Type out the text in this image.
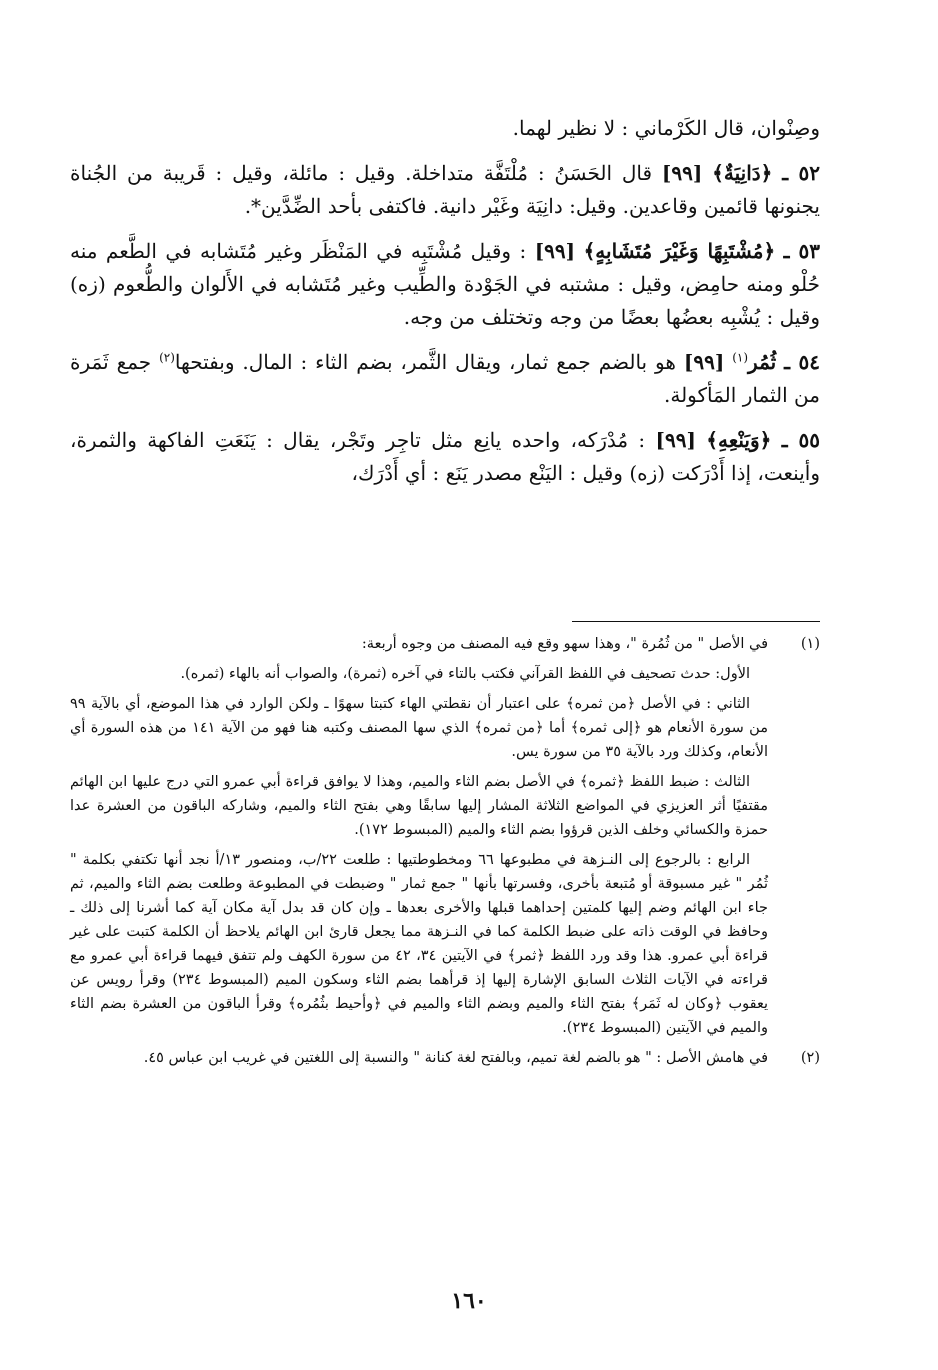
وصِنْوان، قال الكَرْماني : لا نظير لهما.

٥٢ ـ ﴿دَانِيَةٌ﴾ [٩٩] قال الحَسَنُ : مُلْتَفَّة متداخلة. وقيل : مائلة، وقيل : قَريبة من الجُناة يجنونها قائمين وقاعدين. وقيل: دانِيَة وغَيْر دانية. فاكتفى بأحد الضِّدَّين*.

٥٣ ـ ﴿مُشْتَبِهًا وَغَيْرَ مُتَشَابِهٍ﴾ [٩٩] : وقيل مُشْتَبِه في المَنْظَر وغير مُتَشابه في الطَّعم منه حُلْو ومنه حامِض، وقيل : مشتبه في الجَوْدة والطِّيب وغير مُتَشابه في الأَلوان والطُّعوم (زه) وقيل : يُشْبِه بعضُها بعضًا من وجه وتختلف من وجه.

٥٤ ـ ثُمُر$^{(١)}$ [٩٩] هو بالضم جمع ثمار، ويقال الثَّمر، بضم الثاء : المال. وبفتحها$^{(٢)}$ جمع ثَمَرة من الثمار المَأكولة.

٥٥ ـ ﴿وَيَنْعِهِ﴾ [٩٩] : مُدْرَكه، واحده يانِع مثل تاجِر وتَجْر، يقال : يَنَعَتِ الفاكهة والثمرة، وأينعت، إذا أَدْرَكت (زه) وقيل : اليَنْع مصدر يَنَع : أي أَدْرَك،

(١)

في الأصل " من ثُمُرة "، وهذا سهو وقع فيه المصنف من وجوه أربعة:

الأول: حدث تصحيف في اللفظ القرآني فكتب بالتاء في آخره (ثمرة)، والصواب أنه بالهاء (ثمره).

الثاني : في الأصل ﴿من ثمره﴾ على اعتبار أن نقطتي الهاء كتبتا سهوًا ـ ولكن الوارد في هذا الموضع، أي بالآية ٩٩ من سورة الأنعام هو ﴿إلى ثمره﴾ أما ﴿من ثمره﴾ الذي سها المصنف وكتبه هنا فهو من الآية ١٤١ من هذه السورة أي الأنعام، وكذلك ورد بالآية ٣٥ من سورة يس.

الثالث : ضبط اللفظ ﴿ثمره﴾ في الأصل بضم الثاء والميم، وهذا لا يوافق قراءة أبي عمرو التي درج عليها ابن الهائم مقتفيًا أثر العزيزي في المواضع الثلاثة المشار إليها سابقًا وهي بفتح الثاء والميم، وشاركه الباقون من العشرة عدا حمزة والكسائي وخلف الذين قرؤوا بضم الثاء والميم (المبسوط ١٧٢).

الرابع : بالرجوع إلى النـزهة في مطبوعها ٦٦ ومخطوطتيها : طلعت ٢٢/ب، ومنصور ١٣/أ نجد أنها تكتفي بكلمة " ثُمُر " غير مسبوقة أو مُتبعة بأخرى، وفسرتها بأنها " جمع ثمار " وضبطت في المطبوعة وطلعت بضم الثاء والميم، ثم جاء ابن الهائم وضم إليها كلمتين إحداهما قبلها والأخرى بعدها ـ وإن كان قد بدل آية مكان آية كما أشرنا إلى ذلك ـ وحافظ في الوقت ذاته على ضبط الكلمة كما في النـزهة مما يجعل قارئ ابن الهائم يلاحظ أن الكلمة كتبت على غير قراءة أبي عمرو. هذا وقد ورد اللفظ ﴿ثمر﴾ في الآيتين ٣٤، ٤٢ من سورة الكهف ولم تتفق فيهما قراءة أبي عمرو مع قراءته في الآيات الثلاث السابق الإشارة إليها إذ قرأهما بضم الثاء وسكون الميم (المبسوط ٢٣٤) وقرأ رويس عن يعقوب ﴿وكان له ثَمَر﴾ بفتح الثاء والميم وبضم الثاء والميم في ﴿وأحيط بثُمُره﴾ وقرأ الباقون من العشرة بضم الثاء والميم في الآيتين (المبسوط ٢٣٤).

(٢)

في هامش الأصل : " هو بالضم لغة تميم، وبالفتح لغة كنانة " والنسبة إلى اللغتين في غريب ابن عباس ٤٥.

١٦٠
